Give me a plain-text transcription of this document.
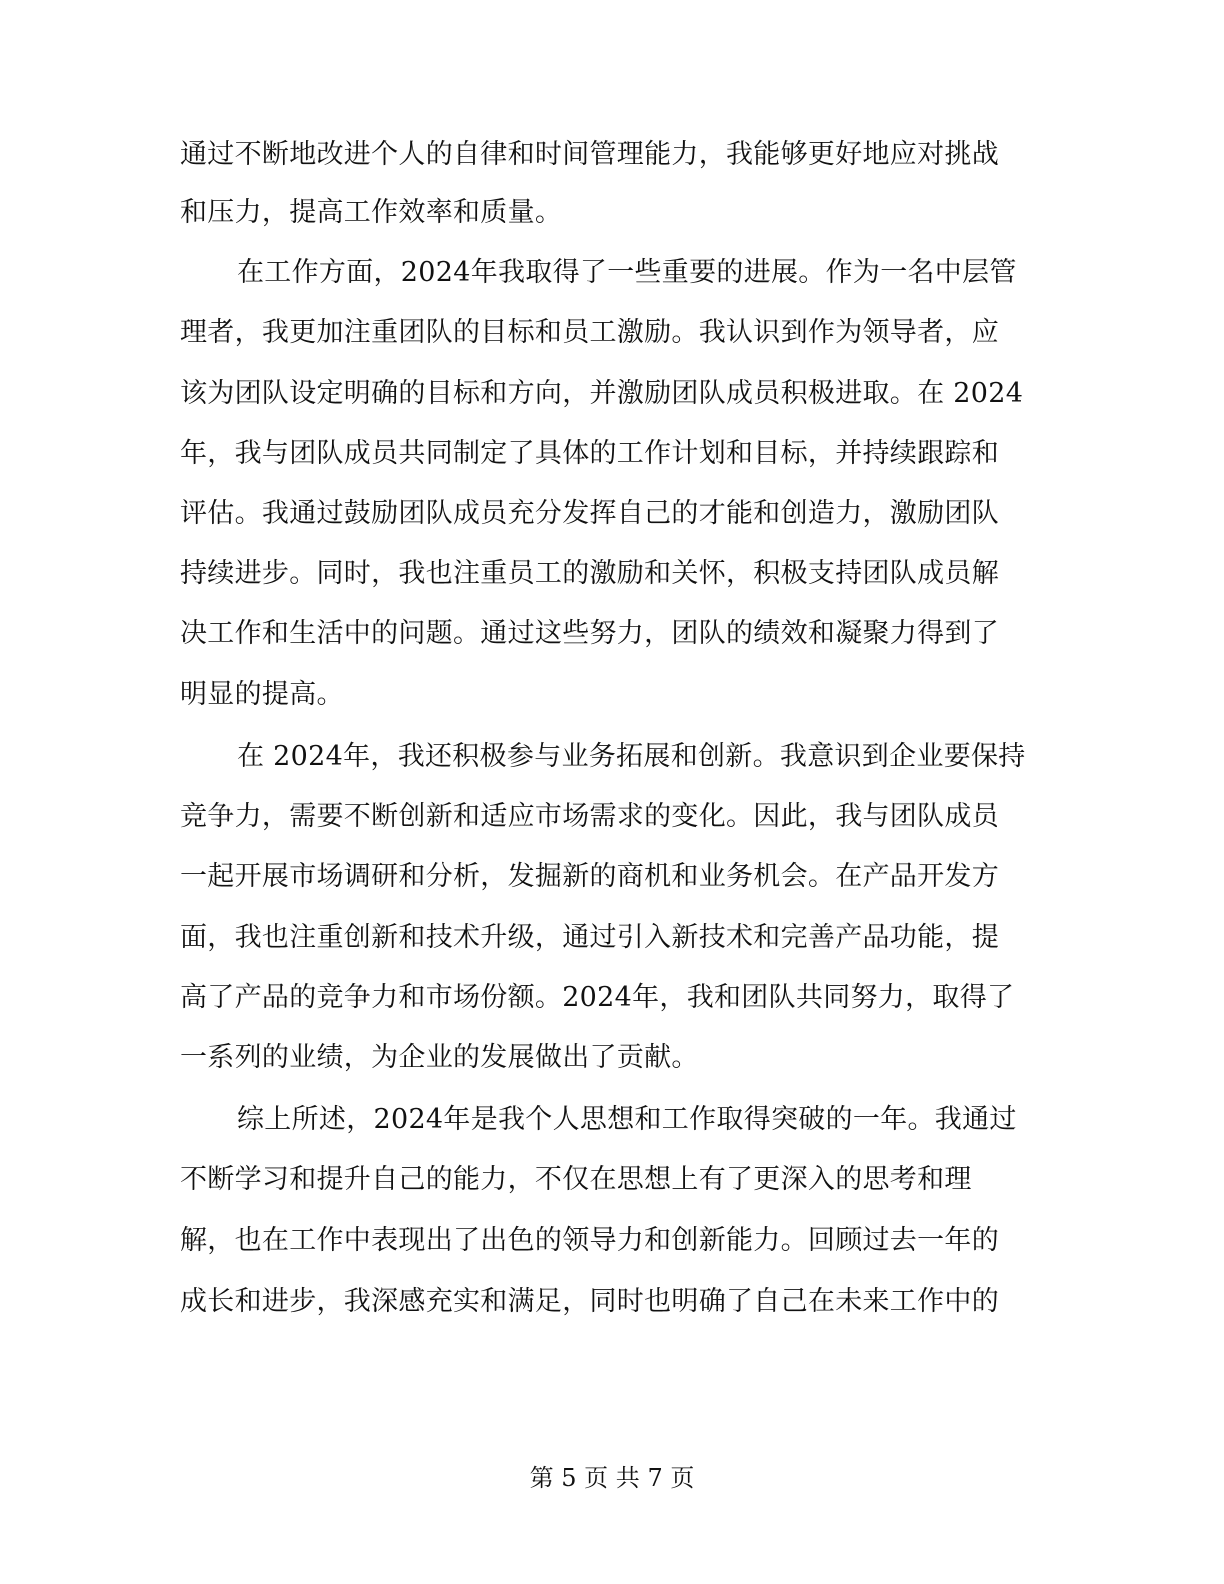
通过不断地改进个人的自律和时间管理能力，我能够更好地应对挑战
和压力，提高工作效率和质量。
在工作方面，2024年我取得了一些重要的进展。作为一名中层管
理者，我更加注重团队的目标和员工激励。我认识到作为领导者，应
该为团队设定明确的目标和方向，并激励团队成员积极进取。在 2024
年，我与团队成员共同制定了具体的工作计划和目标，并持续跟踪和
评估。我通过鼓励团队成员充分发挥自己的才能和创造力，激励团队
持续进步。同时，我也注重员工的激励和关怀，积极支持团队成员解
决工作和生活中的问题。通过这些努力，团队的绩效和凝聚力得到了
明显的提高。
在 2024年，我还积极参与业务拓展和创新。我意识到企业要保持
竞争力，需要不断创新和适应市场需求的变化。因此，我与团队成员
一起开展市场调研和分析，发掘新的商机和业务机会。在产品开发方
面，我也注重创新和技术升级，通过引入新技术和完善产品功能，提
高了产品的竞争力和市场份额。2024年，我和团队共同努力，取得了
一系列的业绩，为企业的发展做出了贡献。
综上所述，2024年是我个人思想和工作取得突破的一年。我通过
不断学习和提升自己的能力，不仅在思想上有了更深入的思考和理
解，也在工作中表现出了出色的领导力和创新能力。回顾过去一年的
成长和进步，我深感充实和满足，同时也明确了自己在未来工作中的
第 5 页 共 7 页
